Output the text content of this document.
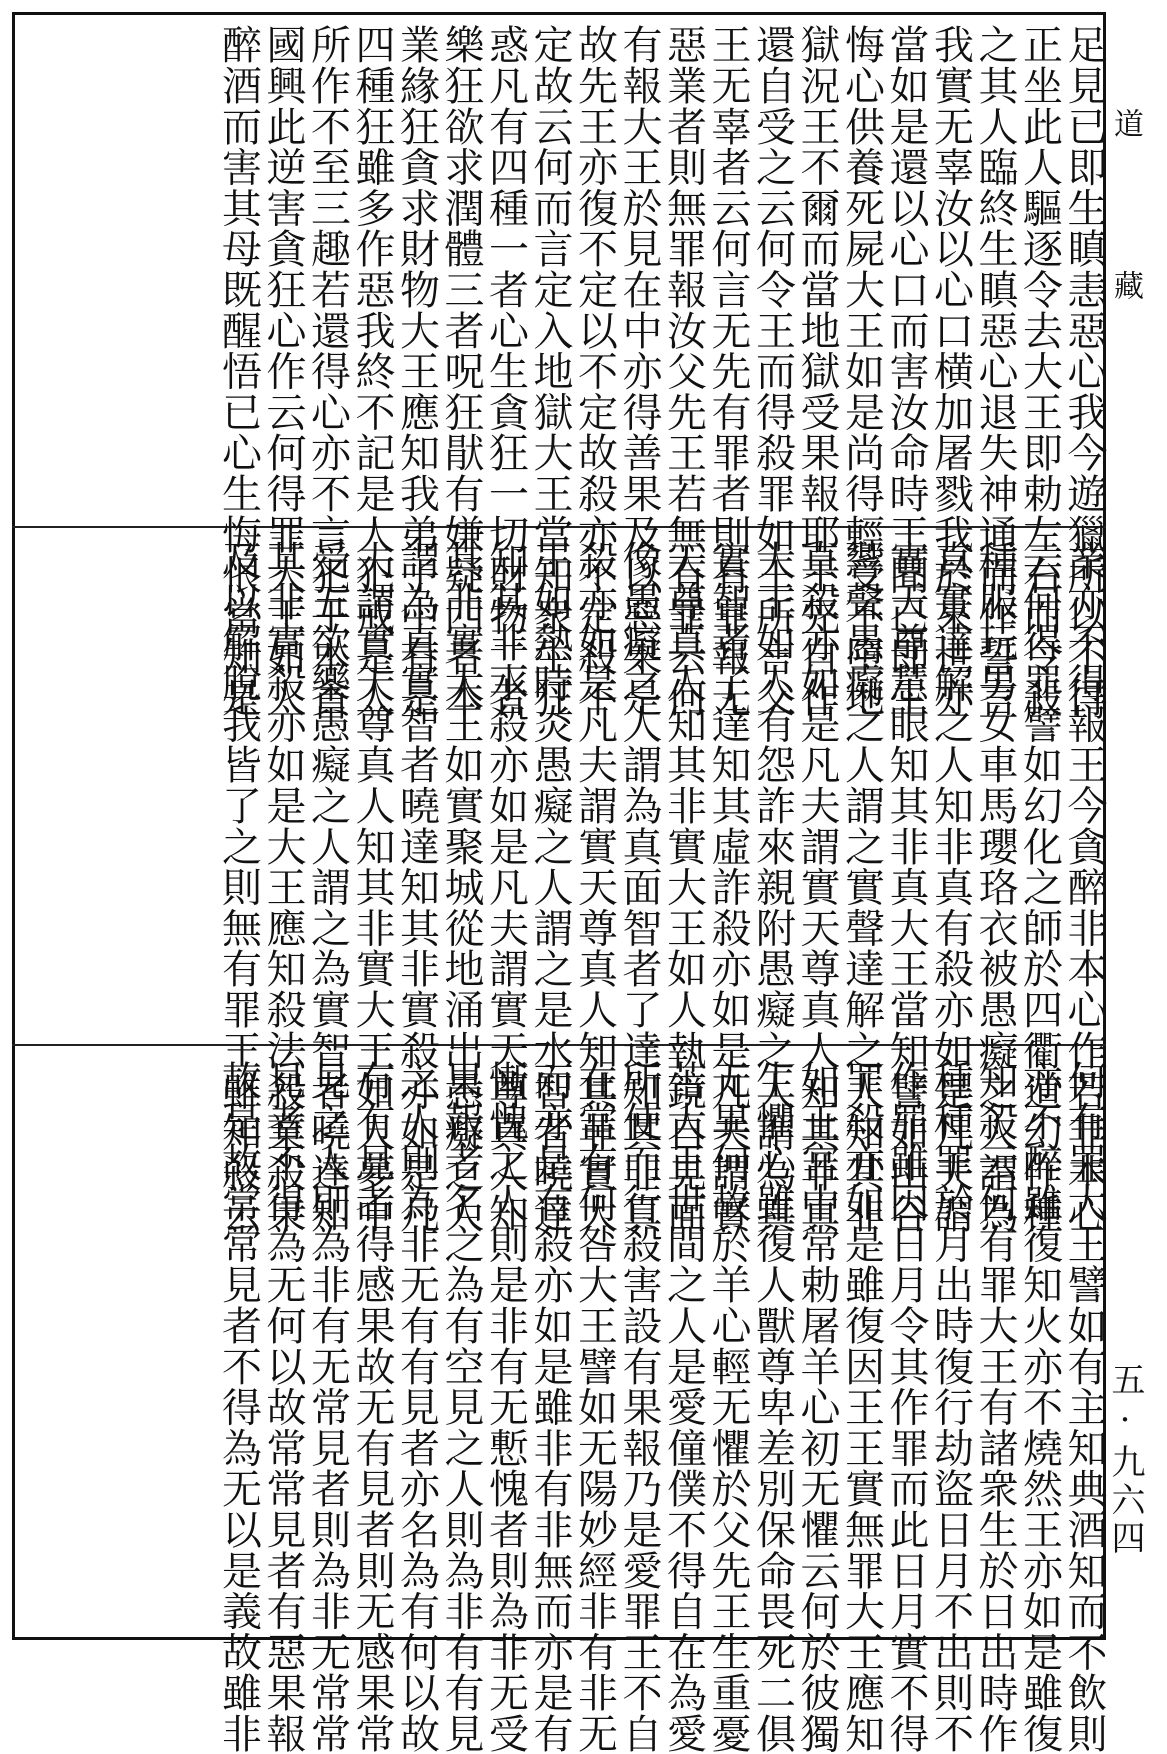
足見已即生瞋恚惡心我今遊獵所以不得
正坐此人驅逐令去大王即勅左右而令殺
之其人臨終生瞋惡心退失神通而作誓言
我實无辜汝以心口横加屠戮我於來世亦
當如是還以心口而害汝命時王聞已即生
悔心供養死屍大王如是尚得輕受不墮地
獄況王不爾而當地獄受果報耶王先自作
還自受之云何令王而得殺罪如王所言父
王无辜者云何言无先有罪者則有罪報无
惡業者則無罪報汝父先王若無有罪云何
有報大王於見在中亦得善果及以惡果是
故先王亦復不定以不定故殺亦不定殺不
定故云何而言定入地獄大王當知衆生狂
惑凡有四種一者心生貪狂一切財物二者
樂狂欲求潤體三者呪狂猒有嫌疑四者本
業緣狂貪求財物大王應知我弟子中有是
四種狂雖多作惡我終不記是人犯戒是人
所作不至三趣若還得心亦不言犯王本貪
國興此逆害貪狂心作云何得罪大王如人
醉酒而害其母既醒悟已心生悔恨當知是
業亦不得報王今貪醉非本心作若非本心
云何得罪譬如幻化之師於四衢道幻作種
種服玩男女車馬瓔珞衣被愚癡之人謂為
真實達解之人知非真有殺亦如是凡夫謂
實天尊慧眼知其非真大王當知譬如山谷
響聲愚癡之人謂之實聲達解之人知其非
真殺亦如是凡夫謂實天尊真人知其非真
大王如人有怨詐來親附愚癡之人謂為真
實智者了達知其虛詐殺亦如是凡夫謂實
天尊真人知其非實大王如人執鏡自見面
像愚癡之人謂為真面智者了達知其非真
殺亦如是凡夫謂實天尊真人知其非實大
王如熱時炎愚癡之人謂之是水智者曉達
知其非水殺亦如是凡夫謂實天尊真人知
其非實大王如實聚城從地涌出愚癡之人
謂為真實智者曉達知其非實殺亦如是凡
夫謂實天尊真人知其非實大王如人夢中
受五欲樂愚癡之人謂之為實智者曉達知
其非實殺亦如是大王應知殺法殺業殺果
及以解脫我皆了之則無有罪王雖知殺云
何有罪大王譬如有主知典酒知而不飲則
亦不醉雖復知火亦不燒然王亦如是雖復
知殺云何有罪大王有諸衆生於日出時作
種種罪於月出時復行劫盜日月不出則不
作罪雖因日月令其作罪而此日月實不得
罪殺亦如是雖復因王王實無罪大王應知
如王宮中常勅屠羊心初无懼云何於彼獨
生懼心雖復人獸尊卑差別保命畏死二俱
无異何故於羊心輕无懼於父先王生重憂
苦大王世間之人是愛僮僕不得自在為愛
所使而行殺害設有果報乃是愛罪王不自
在當有何咎大王譬如无陽妙經非有非无
而亦是有殺亦如是雖非有非無而亦是有
慚愧之人則是非有无慙愧者則為非无受
果報者名之為有空見之人則為非有有見
之人則為非无有有見者亦名為有何以故
有有見者得感果故无有見者則无感果常
見之人則為非有无常見者則為非无常常
見者不得為无何以故常常見者有惡果報
故是故常常見者不得為无以是義故雖非
道
藏
五·九六四
